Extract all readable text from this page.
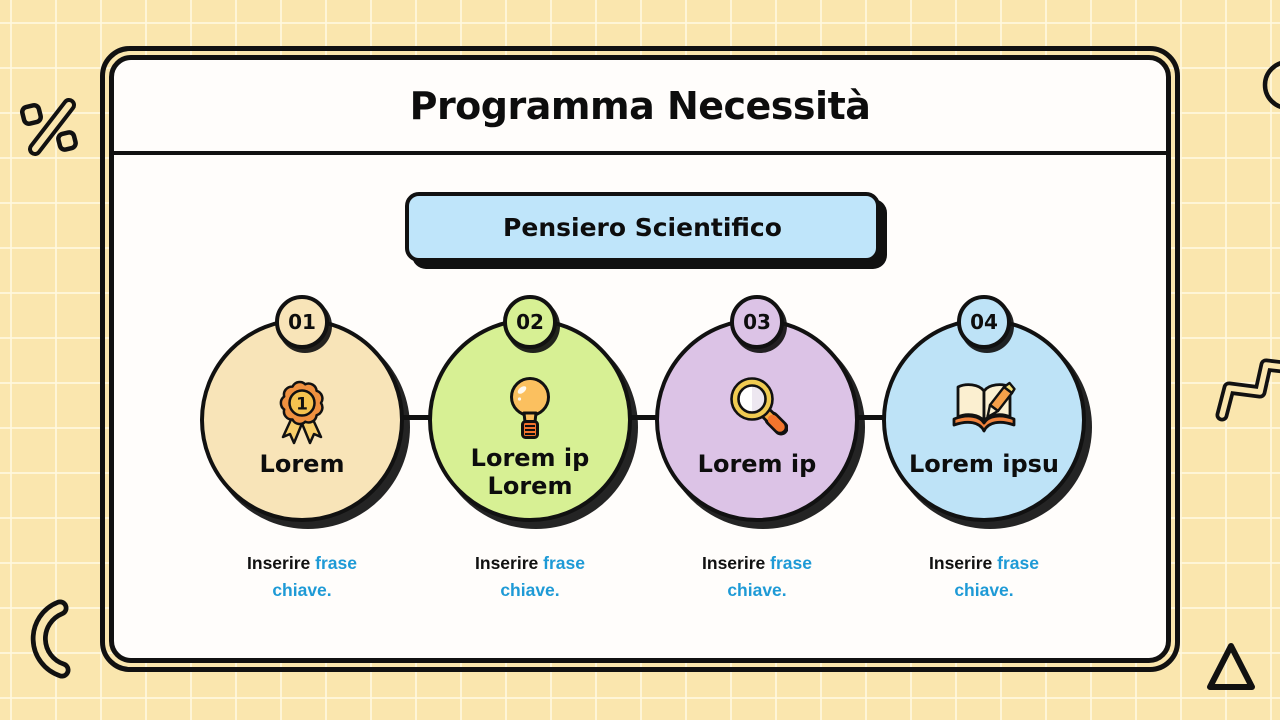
Programma Necessità
Pensiero Scientifico
1
Lorem
01
Lorem ip Lorem
02
Lorem ip
03
Lorem ipsu
04
Inserire frase chiave.
Inserire frase chiave.
Inserire frase chiave.
Inserire frase chiave.
